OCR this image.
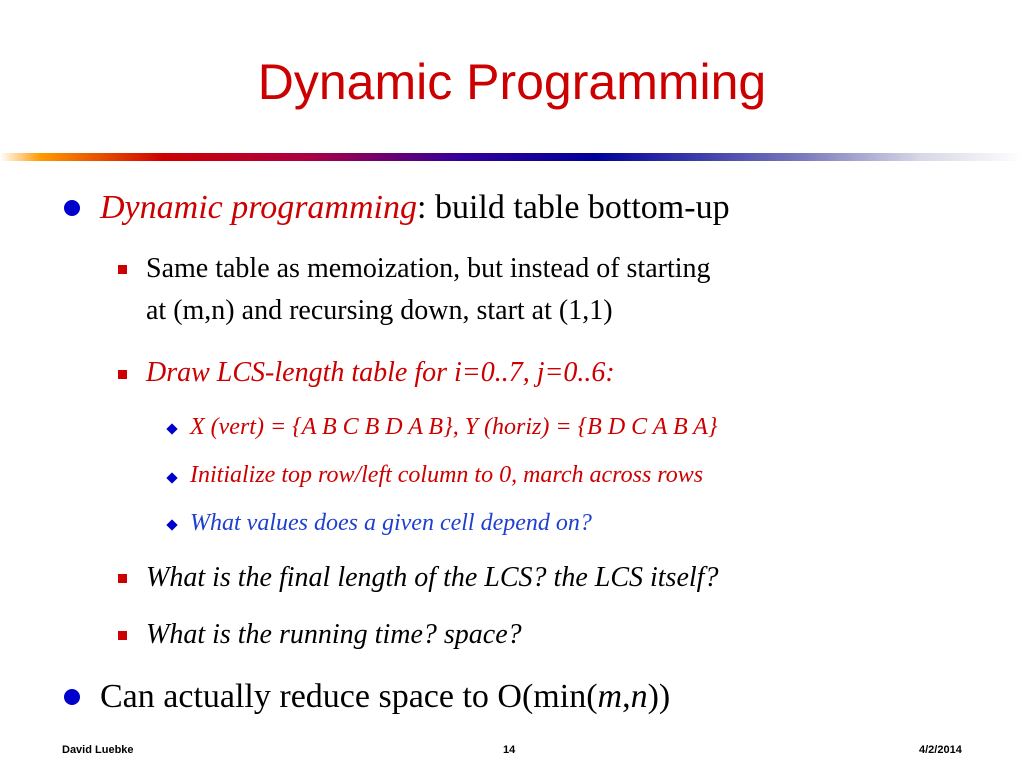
Dynamic Programming
Dynamic programming: build table bottom-up
Same table as memoization, but instead of starting
at (m,n) and recursing down, start at (1,1)
Draw LCS-length table for i=0..7, j=0..6:
X (vert) = {A B C B D A B}, Y (horiz) = {B D C A B A}
Initialize top row/left column to 0, march across rows
What values does a given cell depend on?
What is the final length of the LCS? the LCS itself?
What is the running time? space?
Can actually reduce space to O(min(m,n))
David Luebke	14	4/2/2014
